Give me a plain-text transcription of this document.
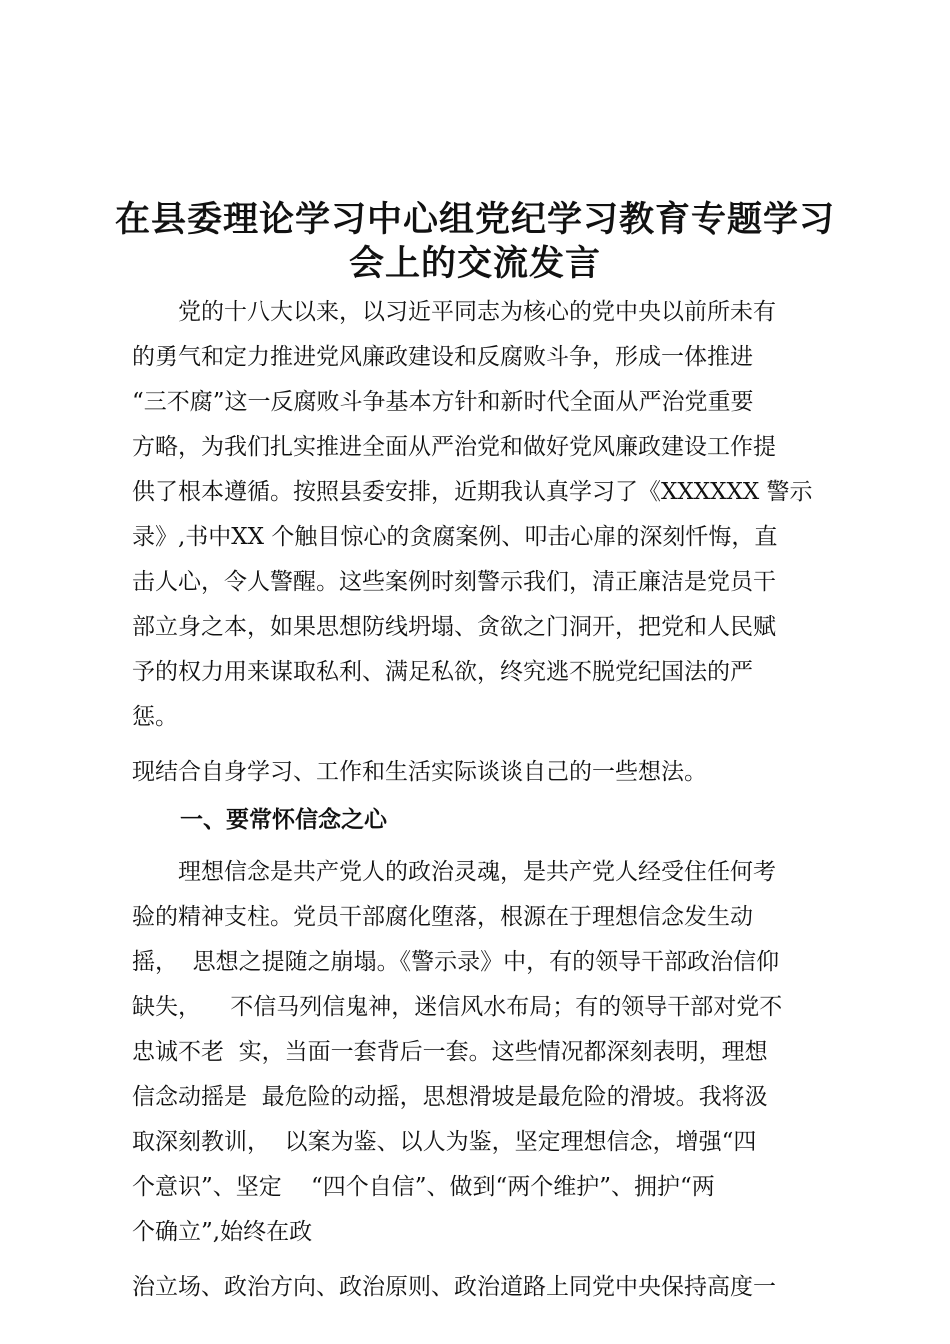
在县委理论学习中心组党纪学习教育专题学习
会上的交流发言
　　党的十八大以来，以习近平同志为核心的党中央以前所未有
的勇气和定力推进党风廉政建设和反腐败斗争，形成一体推进
“三不腐”这一反腐败斗争基本方针和新时代全面从严治党重要
方略，为我们扎实推进全面从严治党和做好党风廉政建设工作提
供了根本遵循。按照县委安排，近期我认真学习了《XXXXXX 警示
录》,书中XX 个触目惊心的贪腐案例、叩击心扉的深刻忏悔，直
击人心，令人警醒。这些案例时刻警示我们，清正廉洁是党员干
部立身之本，如果思想防线坍塌、贪欲之门洞开，把党和人民赋
予的权力用来谋取私利、满足私欲，终究逃不脱党纪国法的严
惩。
现结合自身学习、工作和生活实际谈谈自己的一些想法。
一、要常怀信念之心
　　理想信念是共产党人的政治灵魂，是共产党人经受住任何考
验的精神支柱。党员干部腐化堕落，根源在于理想信念发生动
摇，  思想之提随之崩塌。《警示录》中，有的领导干部政治信仰
缺失，    不信马列信鬼神，迷信风水布局；有的领导干部对党不
忠诚不老  实，当面一套背后一套。这些情况都深刻表明，理想
信念动摇是  最危险的动摇，思想滑坡是最危险的滑坡。我将汲
取深刻教训，  以案为鉴、以人为鉴，坚定理想信念，增强“四
个意识”、坚定    “四个自信”、做到“两个维护”、拥护“两
个确立”,始终在政
治立场、政治方向、政治原则、政治道路上同党中央保持高度一
